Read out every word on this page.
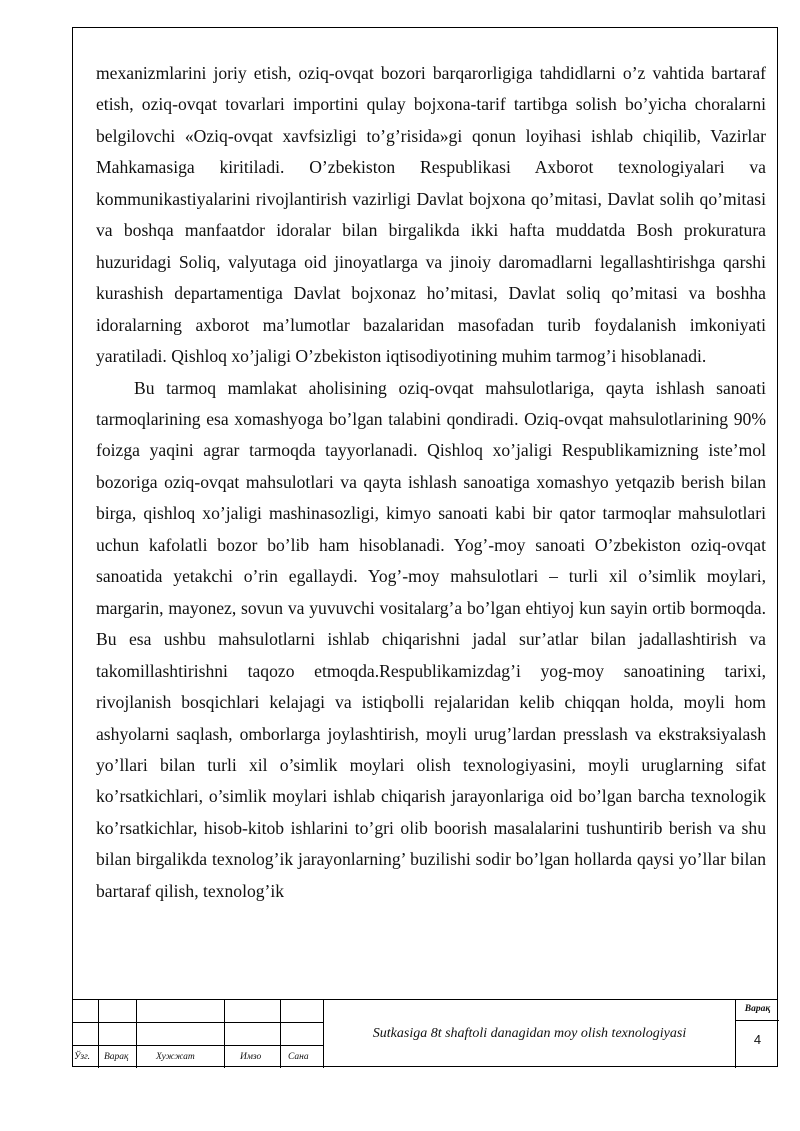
mexanizmlarini joriy etish, oziq-ovqat bozori barqarorligiga tahdidlarni o’z vahtida bartaraf etish, oziq-ovqat tovarlari importini qulay bojxona-tarif tartibga solish bo’yicha choralarni belgilovchi «Oziq-ovqat xavfsizligi to’g’risida»gi qonun loyihasi ishlab chiqilib, Vazirlar Mahkamasiga kiritiladi. O’zbekiston Respublikasi Axborot texnologiyalari va kommunikastiyalarini rivojlantirish vazirligi Davlat bojxona qo’mitasi, Davlat solih qo’mitasi va boshqa manfaatdor idoralar bilan birgalikda ikki hafta muddatda Bosh prokuratura huzuridagi Soliq, valyutaga oid jinoyatlarga va jinoiy daromadlarni legallashtirishga qarshi kurashish departamentiga Davlat bojxonaz ho’mitasi, Davlat soliq qo’mitasi va boshha idoralarning axborot ma’lumotlar bazalaridan masofadan turib foydalanish imkoniyati yaratiladi. Qishloq xo’jaligi O’zbekiston iqtisodiyotining muhim tarmog’i hisoblanadi.

Bu tarmoq mamlakat aholisining oziq-ovqat mahsulotlariga, qayta ishlash sanoati tarmoqlarining esa xomashyoga bo’lgan talabini qondiradi. Oziq-ovqat mahsulotlarining 90% foizga yaqini agrar tarmoqda tayyorlanadi. Qishloq xo’jaligi Respublikamizning iste’mol bozoriga oziq-ovqat mahsulotlari va qayta ishlash sanoatiga xomashyo yetqazib berish bilan birga, qishloq xo’jaligi mashinasozligi, kimyo sanoati kabi bir qator tarmoqlar mahsulotlari uchun kafolatli bozor bo’lib ham hisoblanadi. Yog’-moy sanoati O’zbekiston oziq-ovqat sanoatida yetakchi o’rin egallaydi. Yog’-moy mahsulotlari – turli xil o’simlik moylari, margarin, mayonez, sovun va yuvuvchi vositalarg’a bo’lgan ehtiyoj kun sayin ortib bormoqda. Bu esa ushbu mahsulotlarni ishlab chiqarishni jadal sur’atlar bilan jadallashtirish va takomillashtirishni taqozo etmoqda.Respublikamizdag’i yog-moy sanoatining tarixi, rivojlanish bosqichlari kelajagi va istiqbolli rejalaridan kelib chiqqan holda, moyli hom ashyolarni saqlash, omborlarga joylashtirish, moyli urug’lardan presslash va ekstraksiyalash yo’llari bilan turli xil o’simlik moylari olish texnologiyasini, moyli uruglarning sifat ko’rsatkichlari, o’simlik moylari ishlab chiqarish jarayonlariga oid bo’lgan barcha texnologik ko’rsatkichlar, hisob-kitob ishlarini to’gri olib boorish masalalarini tushuntirib berish va shu bilan birgalikda texnolog’ik jarayonlarning’ buzilishi sodir bo’lgan hollarda qaysi yo’llar bilan bartaraf qilish, texnolog’ik

Ўзг. Варақ	Хужжат	Имзо	Сана
Sutkasiga 8t shaftoli danagidan moy olish texnologiyasi
Варақ
4
